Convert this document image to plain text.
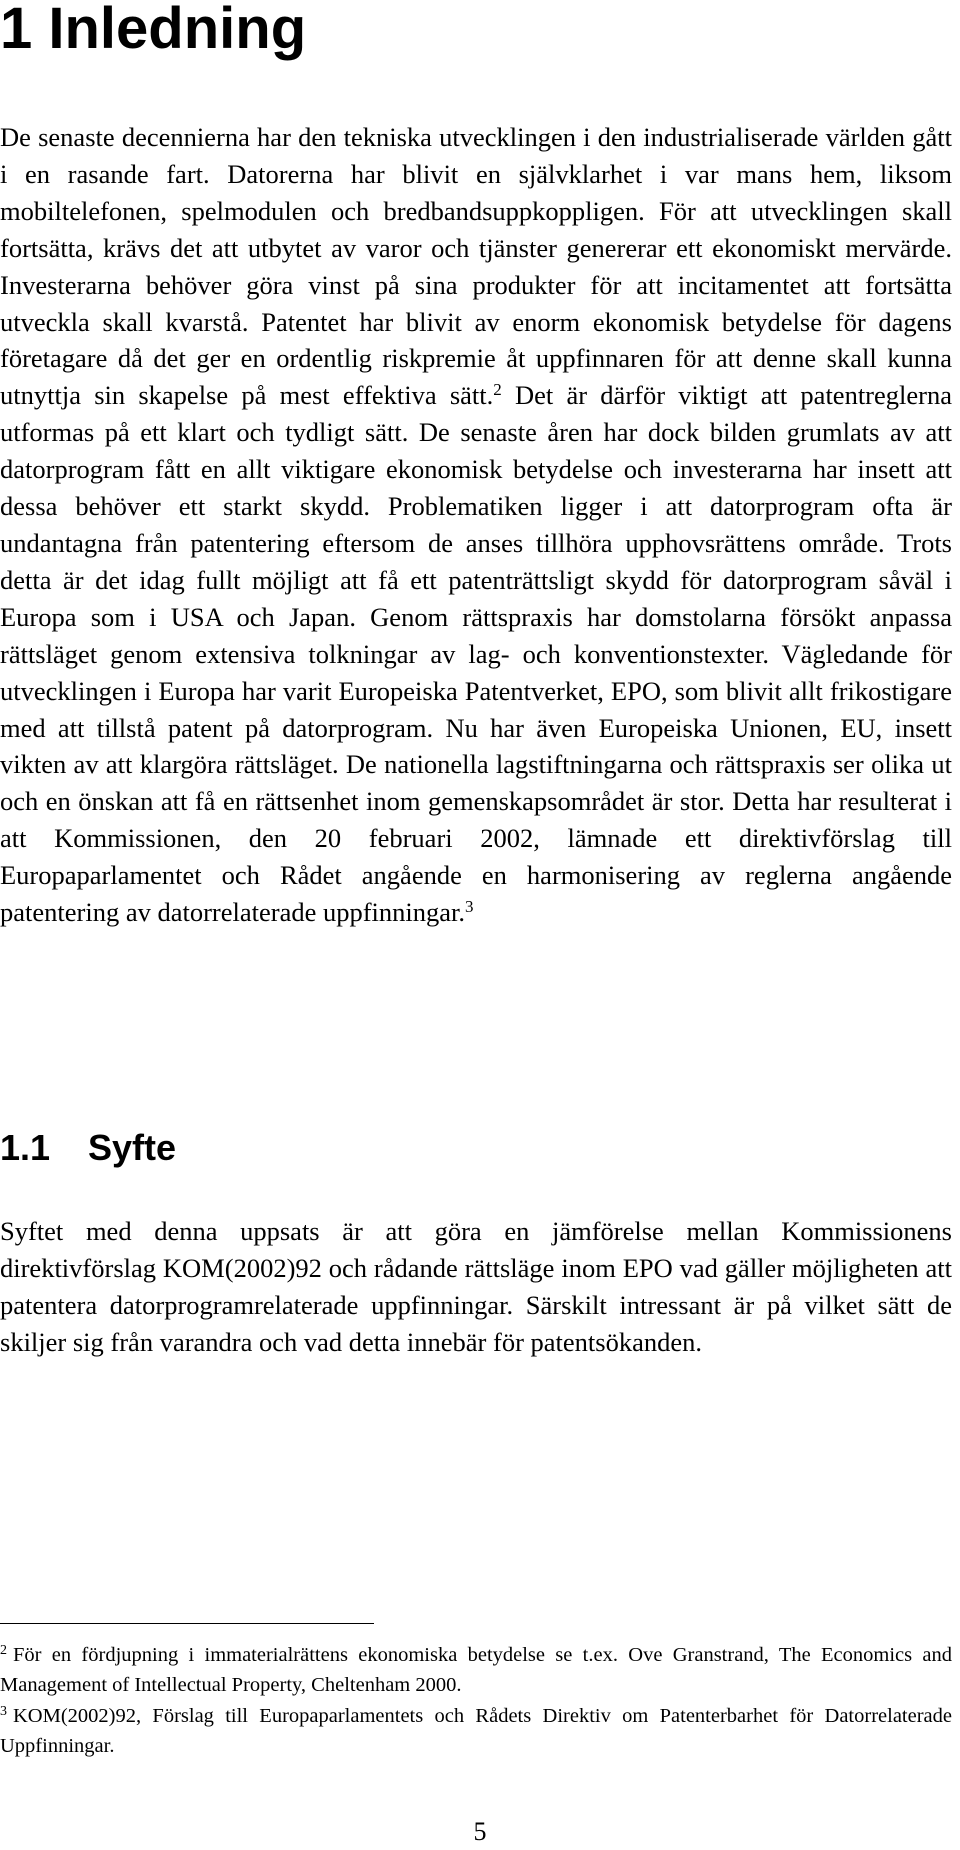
1 Inledning

De senaste decennierna har den tekniska utvecklingen i den industrialiserade världen gått i en rasande fart. Datorerna har blivit en självklarhet i var mans hem, liksom mobiltelefonen, spelmodulen och bredbandsuppkoppligen. För att utvecklingen skall fortsätta, krävs det att utbytet av varor och tjänster genererar ett ekonomiskt mervärde. Investerarna behöver göra vinst på sina produkter för att incitamentet att fortsätta utveckla skall kvarstå. Patentet har blivit av enorm ekonomisk betydelse för dagens företagare då det ger en ordentlig riskpremie åt uppfinnaren för att denne skall kunna utnyttja sin skapelse på mest effektiva sätt.$^2$ Det är därför viktigt att patentreglerna utformas på ett klart och tydligt sätt. De senaste åren har dock bilden grumlats av att datorprogram fått en allt viktigare ekonomisk betydelse och investerarna har insett att dessa behöver ett starkt skydd. Problematiken ligger i att datorprogram ofta är undantagna från patentering eftersom de anses tillhöra upphovsrättens område. Trots detta är det idag fullt möjligt att få ett patenträttsligt skydd för datorprogram såväl i Europa som i USA och Japan. Genom rättspraxis har domstolarna försökt anpassa rättsläget genom extensiva tolkningar av lag- och konventionstexter. Vägledande för utvecklingen i Europa har varit Europeiska Patentverket, EPO, som blivit allt frikostigare med att tillstå patent på datorprogram. Nu har även Europeiska Unionen, EU, insett vikten av att klargöra rättsläget. De nationella lagstiftningarna och rättspraxis ser olika ut och en önskan att få en rättsenhet inom gemenskapsområdet är stor. Detta har resulterat i att Kommissionen, den 20 februari 2002, lämnade ett direktivförslag till Europaparlamentet och Rådet angående en harmonisering av reglerna angående patentering av datorrelaterade uppfinningar.$^3$

1.1 Syfte

Syftet med denna uppsats är att göra en jämförelse mellan Kommissionens direktivförslag KOM(2002)92 och rådande rättsläge inom EPO vad gäller möjligheten att patentera datorprogramrelaterade uppfinningar. Särskilt intressant är på vilket sätt de skiljer sig från varandra och vad detta innebär för patentsökanden.

$^2$ För en fördjupning i immaterialrättens ekonomiska betydelse se t.ex. Ove Granstrand, The Economics and Management of Intellectual Property, Cheltenham 2000.

$^3$ KOM(2002)92, Förslag till Europaparlamentets och Rådets Direktiv om Patenterbarhet för Datorrelaterade Uppfinningar.

5
